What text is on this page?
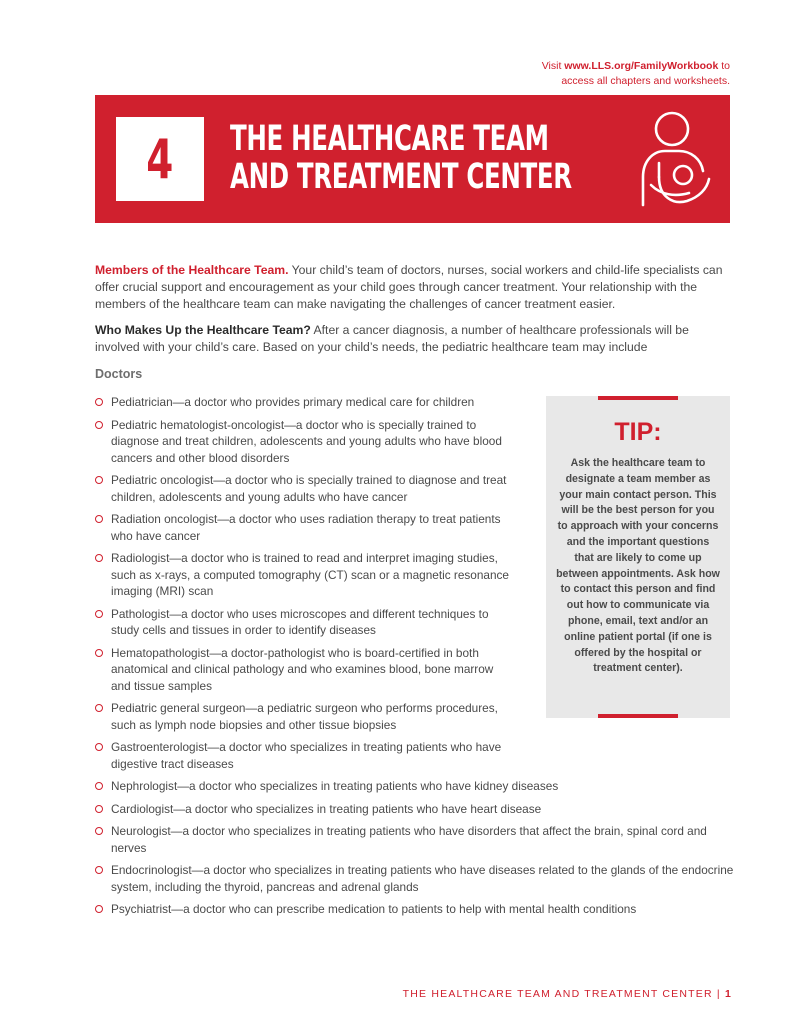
Visit www.LLS.org/FamilyWorkbook to
access all chapters and worksheets.
4 THE HEALTHCARE TEAM
AND TREATMENT CENTER

Members of the Healthcare Team. Your child’s team of doctors, nurses, social workers and child-life specialists can offer crucial support and encouragement as your child goes through cancer treatment. Your relationship with the members of the healthcare team can make navigating the challenges of cancer treatment easier.

Who Makes Up the Healthcare Team? After a cancer diagnosis, a number of healthcare professionals will be involved with your child’s care. Based on your child’s needs, the pediatric healthcare team may include

Doctors
Pediatrician—a doctor who provides primary medical care for children
Pediatric hematologist-oncologist—a doctor who is specially trained to diagnose and treat children, adolescents and young adults who have blood cancers and other blood disorders
Pediatric oncologist—a doctor who is specially trained to diagnose and treat children, adolescents and young adults who have cancer
Radiation oncologist—a doctor who uses radiation therapy to treat patients who have cancer
Radiologist—a doctor who is trained to read and interpret imaging studies, such as x-rays, a computed tomography (CT) scan or a magnetic resonance imaging (MRI) scan
Pathologist—a doctor who uses microscopes and different techniques to study cells and tissues in order to identify diseases
Hematopathologist—a doctor-pathologist who is board-certified in both anatomical and clinical pathology and who examines blood, bone marrow and tissue samples
Pediatric general surgeon—a pediatric surgeon who performs procedures, such as lymph node biopsies and other tissue biopsies
Gastroenterologist—a doctor who specializes in treating patients who have digestive tract diseases
Nephrologist—a doctor who specializes in treating patients who have kidney diseases
Cardiologist—a doctor who specializes in treating patients who have heart disease
Neurologist—a doctor who specializes in treating patients who have disorders that affect the brain, spinal cord and nerves
Endocrinologist—a doctor who specializes in treating patients who have diseases related to the glands of the endocrine system, including the thyroid, pancreas and adrenal glands
Psychiatrist—a doctor who can prescribe medication to patients to help with mental health conditions
TIP:
Ask the healthcare team to designate a team member as your main contact person. This will be the best person for you to approach with your concerns and the important questions that are likely to come up between appointments. Ask how to contact this person and find out how to communicate via phone, email, text and/or an online patient portal (if one is offered by the hospital or treatment center).
THE HEALTHCARE TEAM AND TREATMENT CENTER | 1
